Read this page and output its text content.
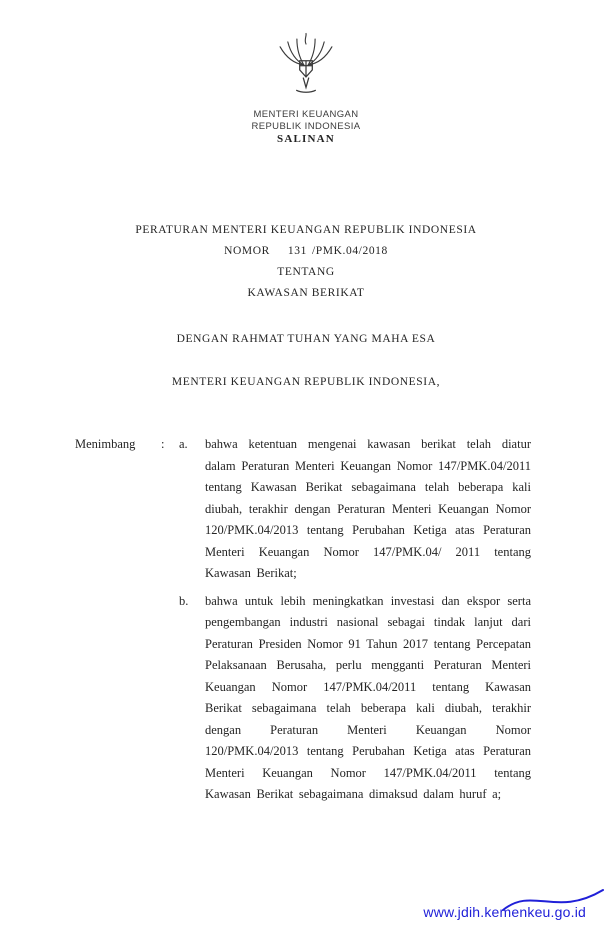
MENTERI KEUANGAN
REPUBLIK INDONESIA
SALINAN
PERATURAN MENTERI KEUANGAN REPUBLIK INDONESIA
NOMOR 131 /PMK.04/2018
TENTANG
KAWASAN BERIKAT
DENGAN RAHMAT TUHAN YANG MAHA ESA
MENTERI KEUANGAN REPUBLIK INDONESIA,
Menimbang	:	a.	bahwa ketentuan mengenai kawasan berikat telah diatur dalam Peraturan Menteri Keuangan Nomor 147/PMK.04/2011 tentang Kawasan Berikat sebagaimana telah beberapa kali diubah, terakhir dengan Peraturan Menteri Keuangan Nomor 120/PMK.04/2013 tentang Perubahan Ketiga atas Peraturan Menteri Keuangan Nomor 147/PMK.04/ 2011 tentang Kawasan Berikat;
b.	bahwa untuk lebih meningkatkan investasi dan ekspor serta pengembangan industri nasional sebagai tindak lanjut dari Peraturan Presiden Nomor 91 Tahun 2017 tentang Percepatan Pelaksanaan Berusaha, perlu mengganti Peraturan Menteri Keuangan Nomor 147/PMK.04/2011 tentang Kawasan Berikat sebagaimana telah beberapa kali diubah, terakhir dengan Peraturan Menteri Keuangan Nomor 120/PMK.04/2013 tentang Perubahan Ketiga atas Peraturan Menteri Keuangan Nomor 147/PMK.04/2011 tentang Kawasan Berikat sebagaimana dimaksud dalam huruf a;
www.jdih.kemenkeu.go.id
